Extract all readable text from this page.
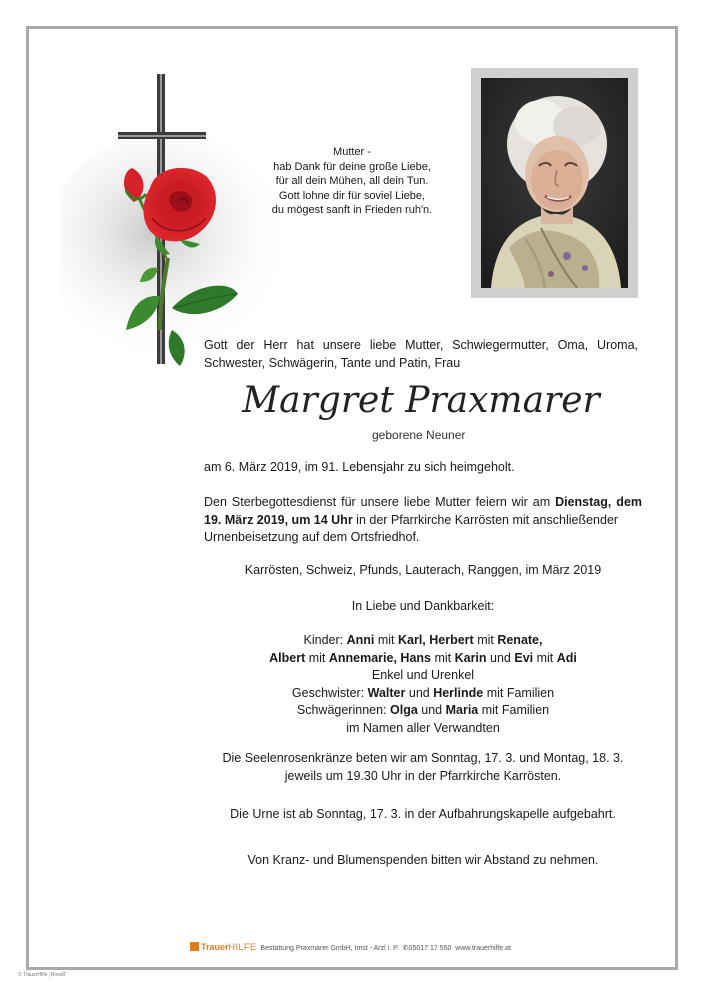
Mutter -
hab Dank für deine große Liebe,
für all dein Mühen, all dein Tun.
Gott lohne dir für soviel Liebe,
du mögest sanft in Frieden ruh'n.
Gott der Herr hat unsere liebe Mutter, Schwiegermutter, Oma, Uroma,
Schwester, Schwägerin, Tante und Patin, Frau
Margret Praxmarer
geborene Neuner
am 6. März 2019, im 91. Lebensjahr zu sich heimgeholt.
Den Sterbegottesdienst für unsere liebe Mutter feiern wir am Dienstag, dem
19. März 2019, um 14 Uhr in der Pfarrkirche Karrösten mit anschließender
Urnenbeisetzung auf dem Ortsfriedhof.
Karrösten, Schweiz, Pfunds, Lauterach, Ranggen, im März 2019
In Liebe und Dankbarkeit:
Kinder: Anni mit Karl, Herbert mit Renate,
Albert mit Annemarie, Hans mit Karin und Evi mit Adi
Enkel und Urenkel
Geschwister: Walter und Herlinde mit Familien
Schwägerinnen: Olga und Maria mit Familien
im Namen aller Verwandten
Die Seelenrosenkränze beten wir am Sonntag, 17. 3. und Montag, 18. 3.
jeweils um 19.30 Uhr in der Pfarrkirche Karrösten.
Die Urne ist ab Sonntag, 17. 3. in der Aufbahrungskapelle aufgebahrt.
Von Kranz- und Blumenspenden bitten wir Abstand zu nehmen.
TrauerHILFE Bestattung Praxmarer GmbH, Imst - Arzl i. P. ✆05017 17 550 www.trauerhilfe.at
© TrauerHilfe „Rose8"
